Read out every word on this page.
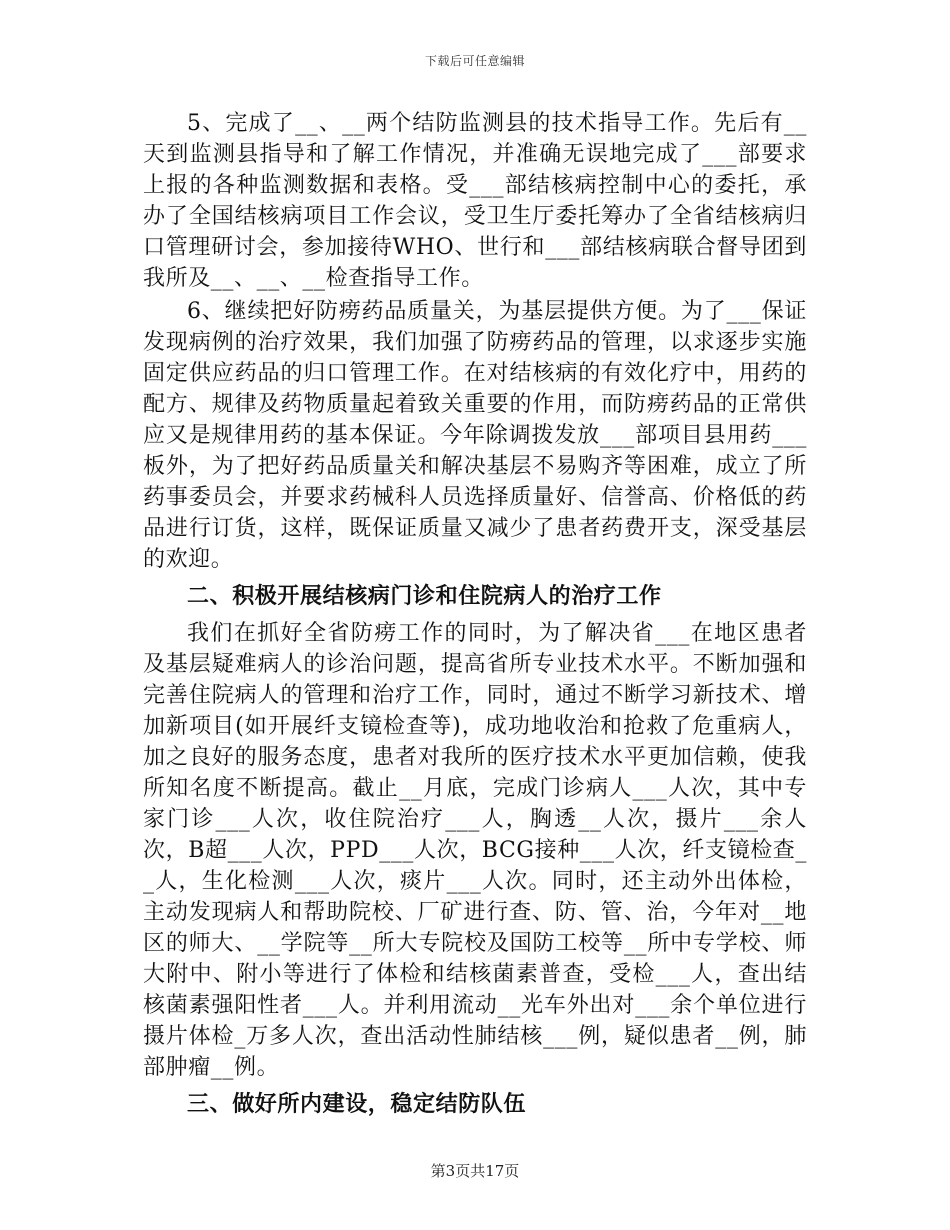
下载后可任意编辑

5、完成了__、__两个结防监测县的技术指导工作。先后有__天到监测县指导和了解工作情况，并准确无误地完成了___部要求上报的各种监测数据和表格。受___部结核病控制中心的委托，承办了全国结核病项目工作会议，受卫生厅委托筹办了全省结核病归口管理研讨会，参加接待WHO、世行和___部结核病联合督导团到我所及__、__、__检查指导工作。

6、继续把好防痨药品质量关，为基层提供方便。为了___保证发现病例的治疗效果，我们加强了防痨药品的管理，以求逐步实施固定供应药品的归口管理工作。在对结核病的有效化疗中，用药的配方、规律及药物质量起着致关重要的作用，而防痨药品的正常供应又是规律用药的基本保证。今年除调拨发放___部项目县用药___板外，为了把好药品质量关和解决基层不易购齐等困难，成立了所药事委员会，并要求药械科人员选择质量好、信誉高、价格低的药品进行订货，这样，既保证质量又减少了患者药费开支，深受基层的欢迎。

二、积极开展结核病门诊和住院病人的治疗工作

我们在抓好全省防痨工作的同时，为了解决省___在地区患者及基层疑难病人的诊治问题，提高省所专业技术水平。不断加强和完善住院病人的管理和治疗工作，同时，通过不断学习新技术、增加新项目(如开展纤支镜检查等)，成功地收治和抢救了危重病人，加之良好的服务态度，患者对我所的医疗技术水平更加信赖，使我所知名度不断提高。截止__月底，完成门诊病人___人次，其中专家门诊___人次，收住院治疗___人，胸透__人次，摄片___余人次，B超___人次，PPD___人次，BCG接种___人次，纤支镜检查__人，生化检测___人次，痰片___人次。同时，还主动外出体检，主动发现病人和帮助院校、厂矿进行查、防、管、治，今年对__地区的师大、__学院等__所大专院校及国防工校等__所中专学校、师大附中、附小等进行了体检和结核菌素普查，受检___人，查出结核菌素强阳性者___人。并利用流动__光车外出对___余个单位进行摄片体检_万多人次，查出活动性肺结核___例，疑似患者__例，肺部肿瘤__例。

三、做好所内建设，稳定结防队伍

第3页共17页
